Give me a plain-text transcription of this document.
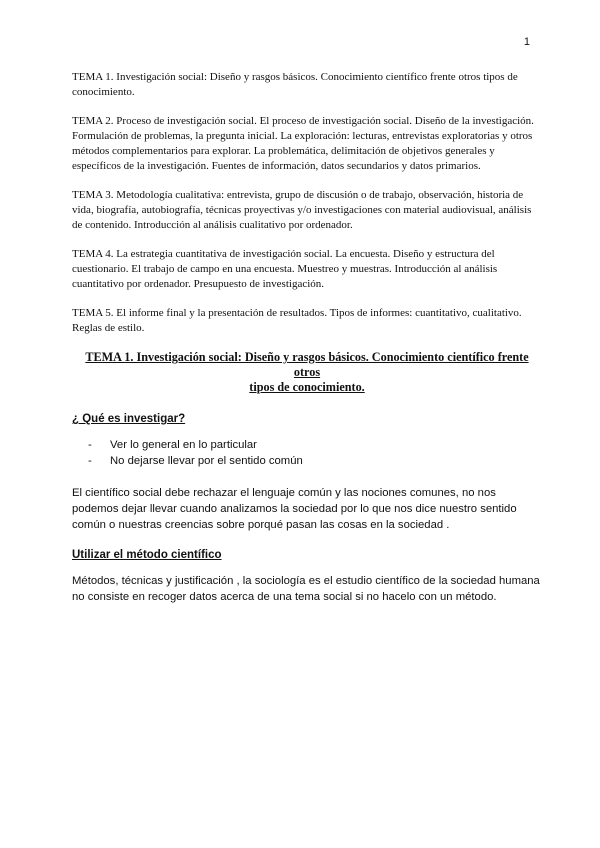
1

TEMA 1. Investigación social: Diseño y rasgos básicos. Conocimiento científico frente otros tipos de conocimiento.

TEMA 2. Proceso de investigación social. El proceso de investigación social. Diseño de la investigación. Formulación de problemas, la pregunta inicial. La exploración: lecturas, entrevistas exploratorias y otros métodos complementarios para explorar. La problemática, delimitación de objetivos generales y específicos de la investigación. Fuentes de información, datos secundarios y datos primarios.

TEMA 3. Metodología cualitativa: entrevista, grupo de discusión o de trabajo, observación, historia de vida, biografía, autobiografía, técnicas proyectivas y/o investigaciones con material audiovisual, análisis de contenido. Introducción al análisis cualitativo por ordenador.

TEMA 4. La estrategia cuantitativa de investigación social. La encuesta. Diseño y estructura del cuestionario. El trabajo de campo en una encuesta. Muestreo y muestras. Introducción al análisis cuantitativo por ordenador. Presupuesto de investigación.

TEMA 5. El informe final y la presentación de resultados. Tipos de informes: cuantitativo, cualitativo. Reglas de estilo.

TEMA 1. Investigación social: Diseño y rasgos básicos. Conocimiento científico frente otros
tipos de conocimiento.
¿ Qué es investigar?
- Ver lo general en lo particular
- No dejarse llevar por el sentido común

El científico social debe rechazar el lenguaje común y las nociones comunes, no nos podemos dejar llevar cuando analizamos la sociedad por lo que nos dice nuestro sentido común o nuestras creencias sobre porqué pasan las cosas en la sociedad .

Utilizar el método científico

Métodos, técnicas y justificación , la sociología es el estudio científico de la sociedad humana no consiste en recoger datos acerca de una tema social si no hacelo con un método.
